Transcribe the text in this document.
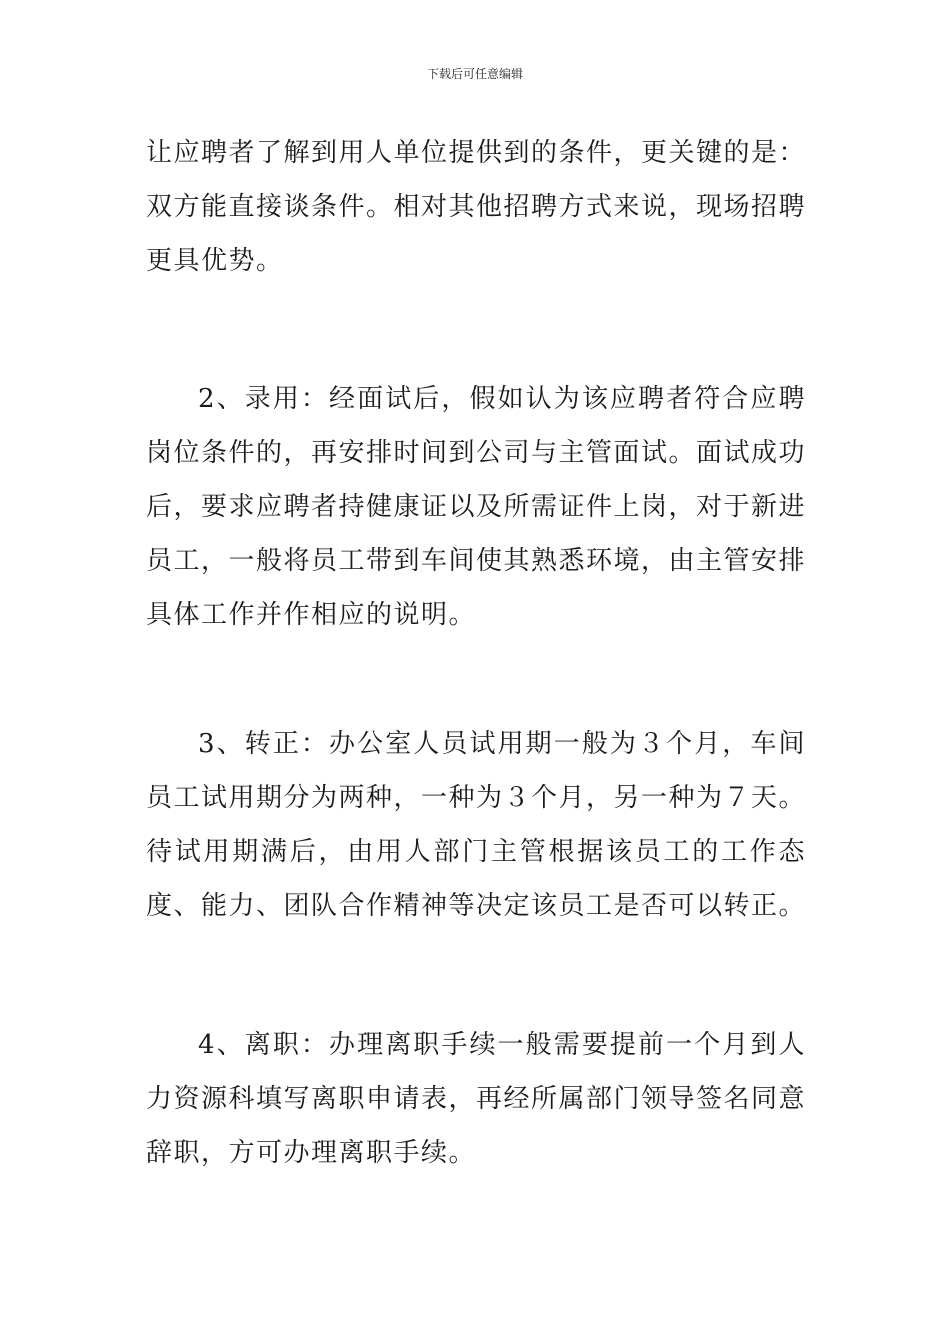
下载后可任意编辑

让应聘者了解到用人单位提供到的条件，更关键的是：双方能直接谈条件。相对其他招聘方式来说，现场招聘更具优势。

2、录用：经面试后，假如认为该应聘者符合应聘岗位条件的，再安排时间到公司与主管面试。面试成功后，要求应聘者持健康证以及所需证件上岗，对于新进员工，一般将员工带到车间使其熟悉环境，由主管安排具体工作并作相应的说明。

3、转正：办公室人员试用期一般为３个月，车间员工试用期分为两种，一种为３个月，另一种为７天。待试用期满后，由用人部门主管根据该员工的工作态度、能力、团队合作精神等决定该员工是否可以转正。

4、离职：办理离职手续一般需要提前一个月到人力资源科填写离职申请表，再经所属部门领导签名同意辞职，方可办理离职手续。
